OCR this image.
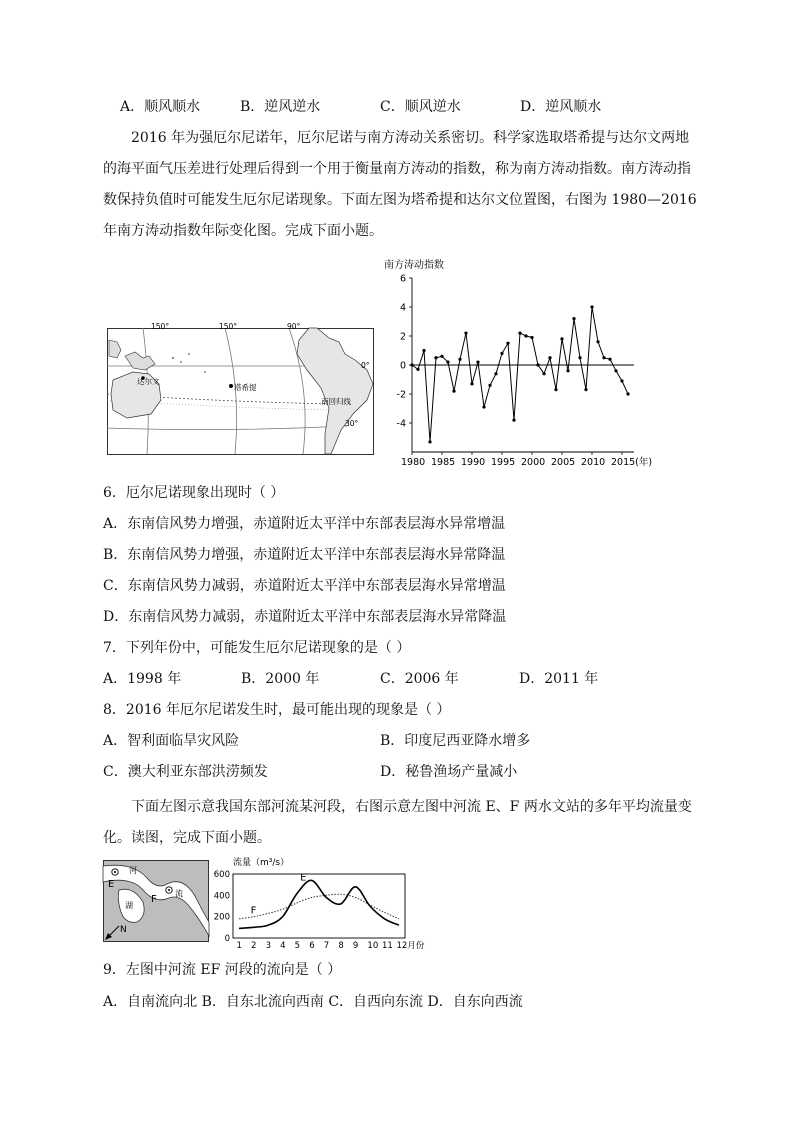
A．顺风顺水	B．逆风逆水	C．顺风逆水	D．逆风顺水
2016 年为强厄尔尼诺年，厄尔尼诺与南方涛动关系密切。科学家选取塔希提与达尔文两地
的海平面气压差进行处理后得到一个用于衡量南方涛动的指数，称为南方涛动指数。南方涛动指
数保持负值时可能发生厄尔尼诺现象。下面左图为塔希提和达尔文位置图，右图为 1980—2016
年南方涛动指数年际变化图。完成下面小题。
150°	150°	90°
0°
30°
达尔文
塔希提
南回归线
南方涛动指数
-4
-2
0
2
4
6
1980 1985 1990 1995 2000 2005 2010 2015(年)
6．厄尔尼诺现象出现时（ ）
A．东南信风势力增强，赤道附近太平洋中东部表层海水异常增温
B．东南信风势力增强，赤道附近太平洋中东部表层海水异常降温
C．东南信风势力减弱，赤道附近太平洋中东部表层海水异常增温
D．东南信风势力减弱，赤道附近太平洋中东部表层海水异常降温
7．下列年份中，可能发生厄尔尼诺现象的是（ ）
A．1998 年	B．2000 年	C．2006 年	D．2011 年
8．2016 年厄尔尼诺发生时，最可能出现的现象是（ ）
A．智利面临旱灾风险	B．印度尼西亚降水增多
C．澳大利亚东部洪涝频发	D．秘鲁渔场产量减小
下面左图示意我国东部河流某河段，右图示意左图中河流 E、F 两水文站的多年平均流量变
化。读图，完成下面小题。
E
河
湖
F
流
N
流量（m³/s）
0
200
400
600
1 2 3 4 5 6 7 8 9 10 11 12月份
E
F
9．左图中河流 EF 河段的流向是（ ）
A．自南流向北 B．自东北流向西南 C．自西向东流 D．自东向西流
